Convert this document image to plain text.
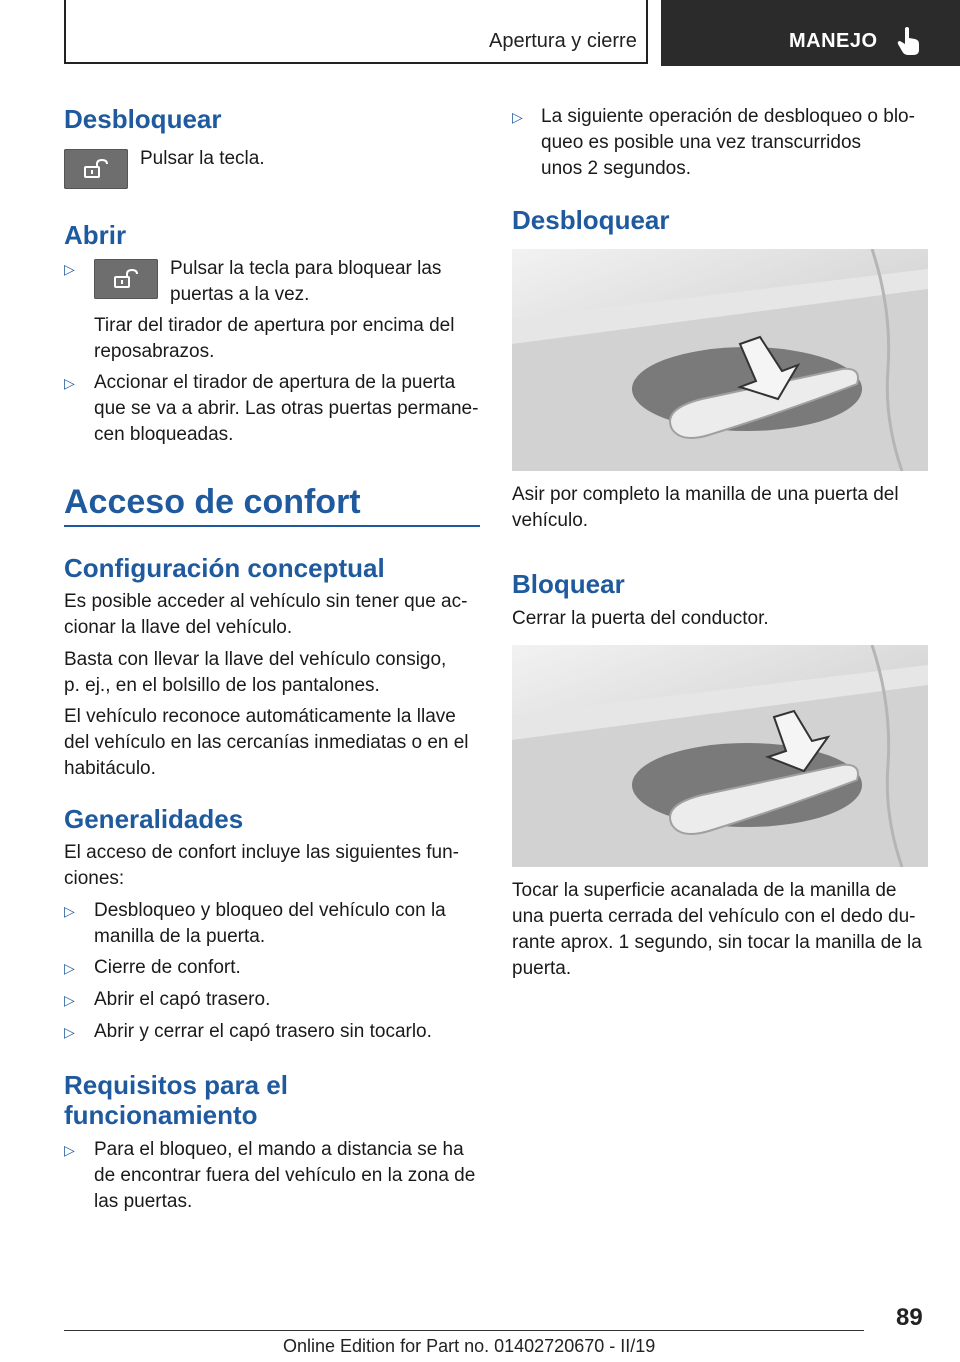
Apertura y cierre	MANEJO
Desbloquear

Pulsar la tecla.

Abrir
▷	Pulsar la tecla para bloquear las

puertas a la vez.

Tirar del tirador de apertura por encima del

reposabrazos.

▷ Accionar el tirador de apertura de la puerta

que se va a abrir. Las otras puertas permane‐

cen bloqueadas.

Acceso de confort
Configuración conceptual

Es posible acceder al vehículo sin tener que ac‐

cionar la llave del vehículo.

Basta con llevar la llave del vehículo consigo,

p. ej., en el bolsillo de los pantalones.

El vehículo reconoce automáticamente la llave

del vehículo en las cercanías inmediatas o en el

habitáculo.

Generalidades

El acceso de confort incluye las siguientes fun‐

ciones:

▷ Desbloqueo y bloqueo del vehículo con la

manilla de la puerta.

▷ Cierre de confort.

▷ Abrir el capó trasero.

▷ Abrir y cerrar el capó trasero sin tocarlo.

Requisitos para el
funcionamiento
▷ Para el bloqueo, el mando a distancia se ha

de encontrar fuera del vehículo en la zona de

las puertas.

▷ La siguiente operación de desbloqueo o blo‐

queo es posible una vez transcurridos

unos 2 segundos.

Desbloquear

Asir por completo la manilla de una puerta del

vehículo.

Bloquear

Cerrar la puerta del conductor.

Tocar la superficie acanalada de la manilla de

una puerta cerrada del vehículo con el dedo du‐

rante aprox. 1 segundo, sin tocar la manilla de la

puerta.

89
Online Edition for Part no. 01402720670 - II/19
